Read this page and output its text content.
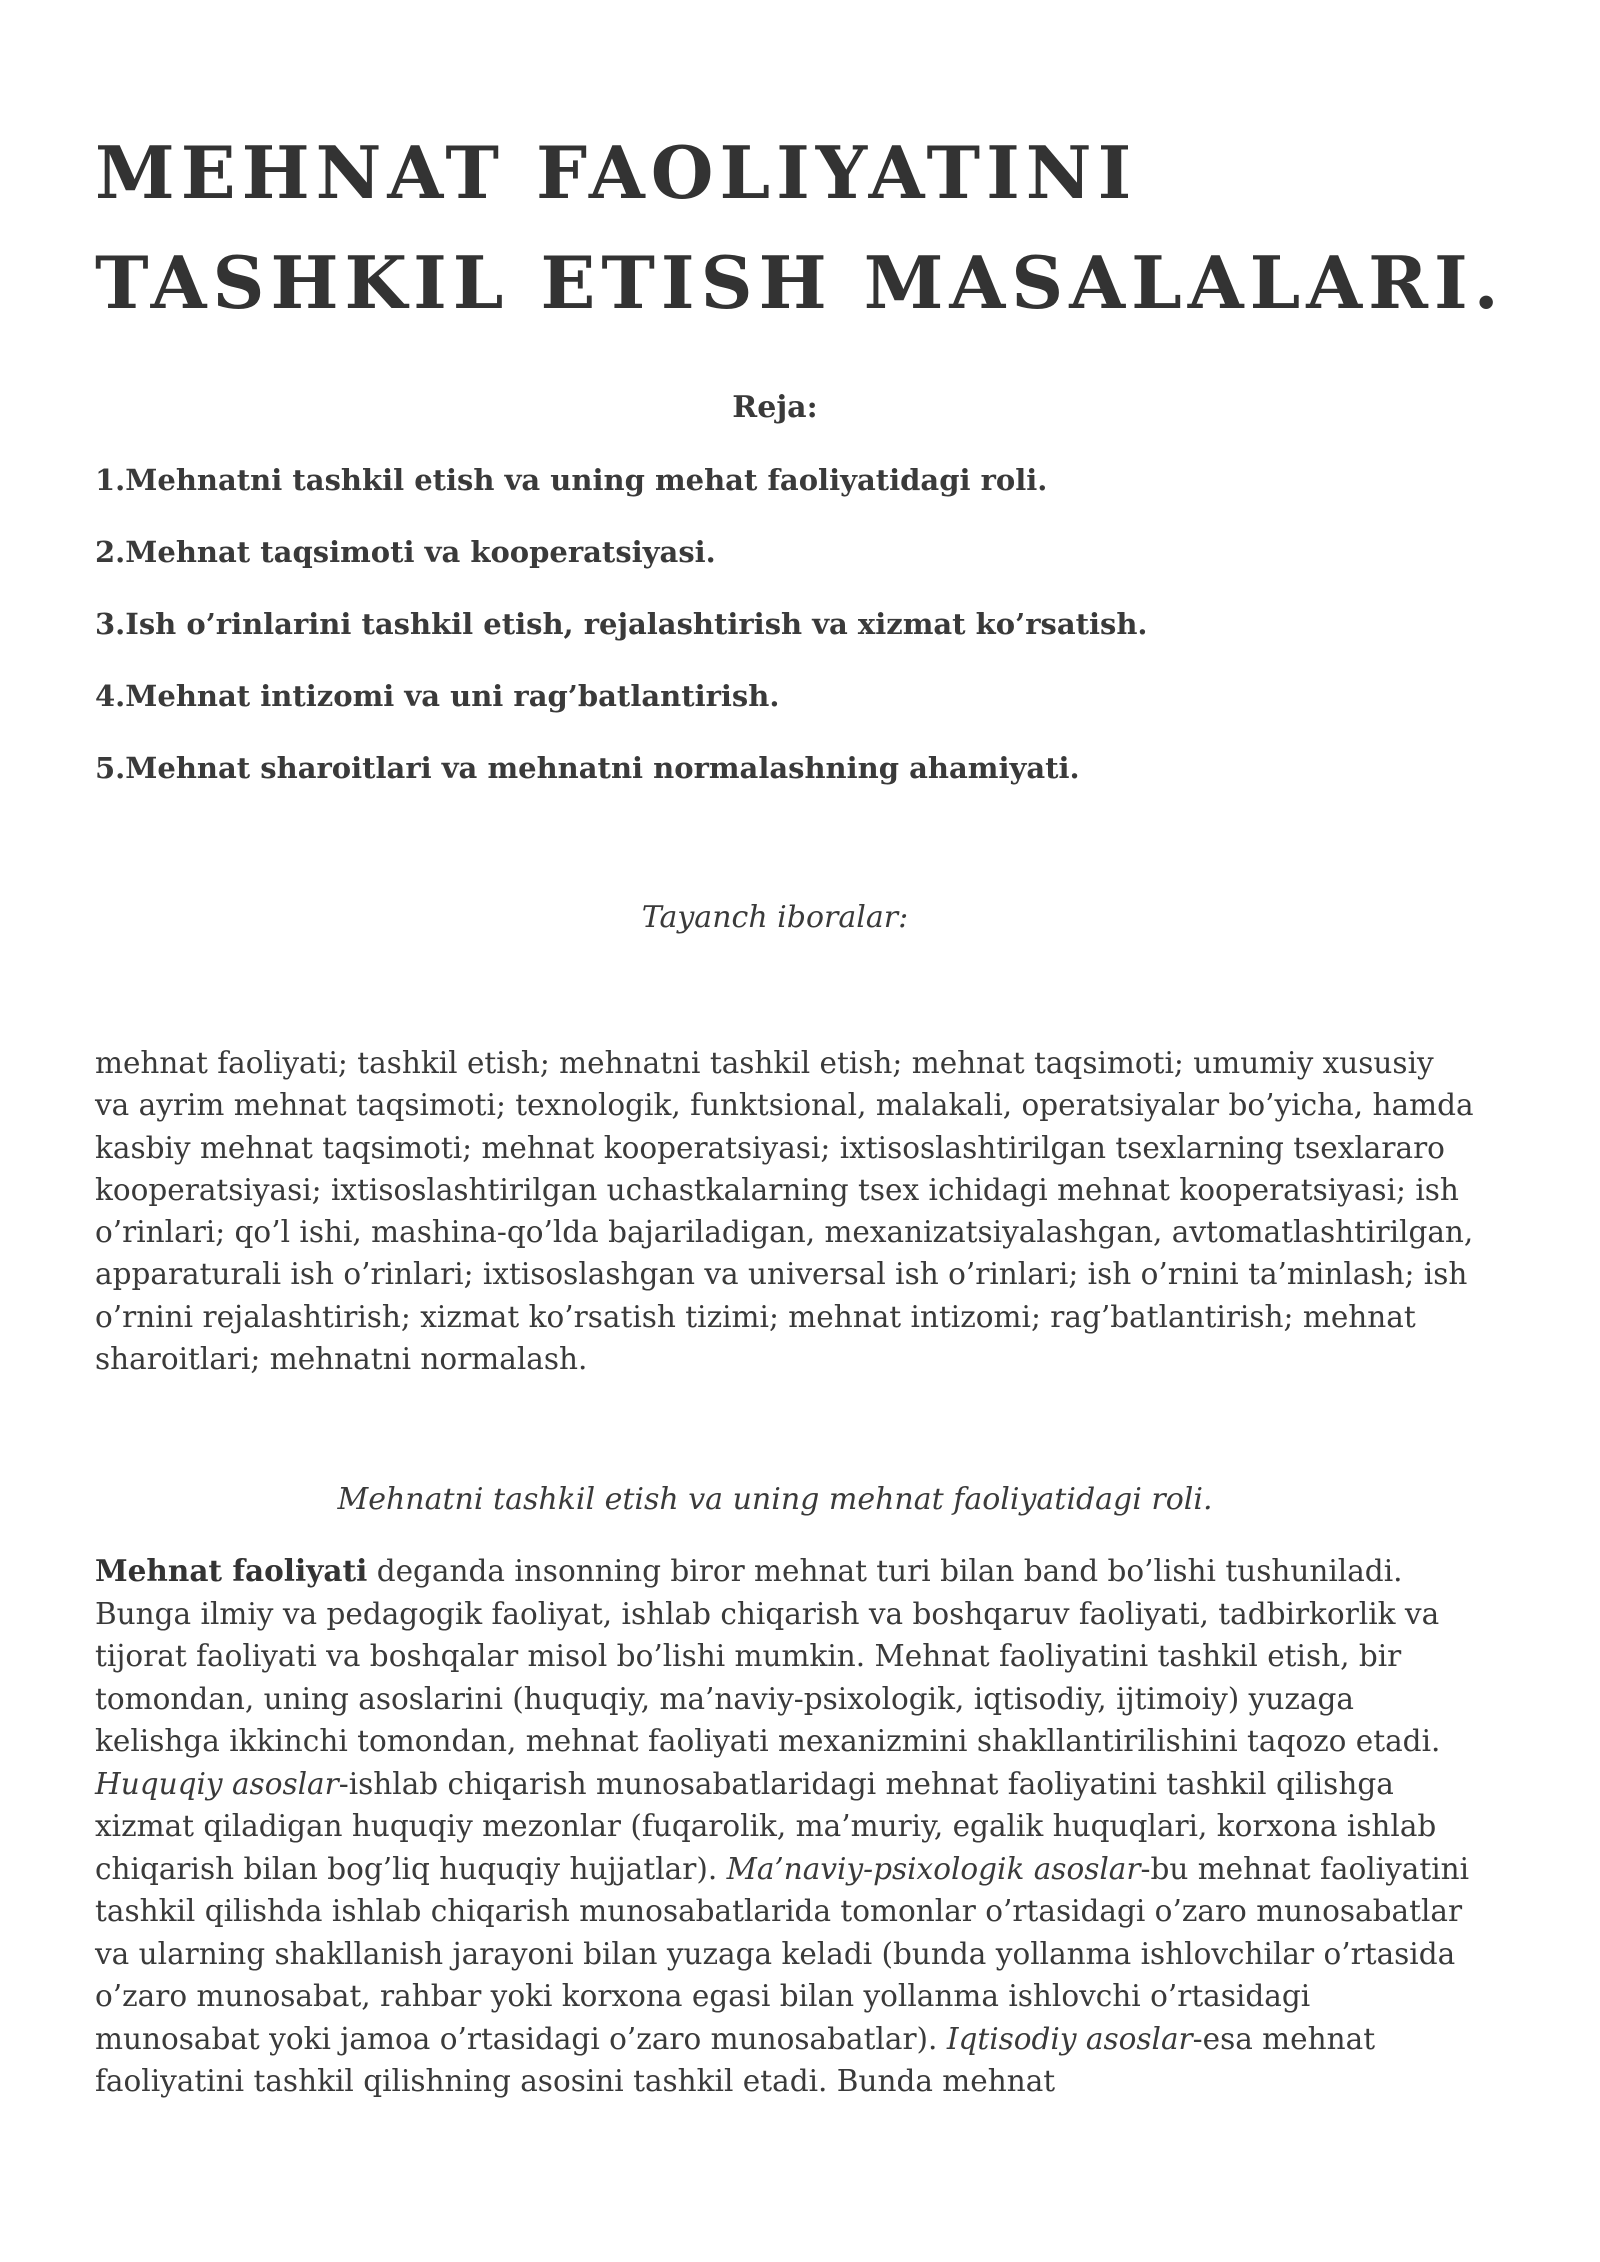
MEHNAT FAOLIYATINI TASHKIL ETISH MASALALARI.
Reja:
1.Mehnatni tashkil etish va uning mehat faoliyatidagi roli.
2.Mehnat taqsimoti va kooperatsiyasi.
3.Ish o’rinlarini tashkil etish, rejalashtirish va xizmat ko’rsatish.
4.Mehnat intizomi va uni rag’batlantirish.
5.Mehnat sharoitlari va mehnatni normalashning ahamiyati.
Tayanch iboralar:

mehnat faoliyati; tashkil etish; mehnatni tashkil etish; mehnat taqsimoti; umumiy xususiy va ayrim mehnat taqsimoti; texnologik, funktsional, malakali, operatsiyalar bo’yicha, hamda kasbiy mehnat taqsimoti; mehnat kooperatsiyasi; ixtisoslashtirilgan tsexlarning tsexlararo kooperatsiyasi; ixtisoslashtirilgan uchastkalarning tsex ichidagi mehnat kooperatsiyasi; ish o’rinlari; qo’l ishi, mashina-qo’lda bajariladigan, mexanizatsiyalashgan, avtomatlashtirilgan, apparaturali ish o’rinlari; ixtisoslashgan va universal ish o’rinlari; ish o’rnini ta’minlash; ish o’rnini rejalashtirish; xizmat ko’rsatish tizimi; mehnat intizomi; rag’batlantirish; mehnat sharoitlari; mehnatni normalash.

Mehnatni tashkil etish va uning mehnat faoliyatidagi roli.

Mehnat faoliyati deganda insonning biror mehnat turi bilan band bo’lishi tushuniladi. Bunga ilmiy va pedagogik faoliyat, ishlab chiqarish va boshqaruv faoliyati, tadbirkorlik va tijorat faoliyati va boshqalar misol bo’lishi mumkin. Mehnat faoliyatini tashkil etish, bir tomondan, uning asoslarini (huquqiy, ma’naviy-psixologik, iqtisodiy, ijtimoiy) yuzaga kelishga ikkinchi tomondan, mehnat faoliyati mexanizmini shakllantirilishini taqozo etadi. Huquqiy asoslar-ishlab chiqarish munosabatlaridagi mehnat faoliyatini tashkil qilishga xizmat qiladigan huquqiy mezonlar (fuqarolik, ma’muriy, egalik huquqlari, korxona ishlab chiqarish bilan bog’liq huquqiy hujjatlar). Ma’naviy-psixologik asoslar-bu mehnat faoliyatini tashkil qilishda ishlab chiqarish munosabatlarida tomonlar o’rtasidagi o’zaro munosabatlar va ularning shakllanish jarayoni bilan yuzaga keladi (bunda yollanma ishlovchilar o’rtasida o’zaro munosabat, rahbar yoki korxona egasi bilan yollanma ishlovchi o’rtasidagi munosabat yoki jamoa o’rtasidagi o’zaro munosabatlar). Iqtisodiy asoslar-esa mehnat faoliyatini tashkil qilishning asosini tashkil etadi. Bunda mehnat
